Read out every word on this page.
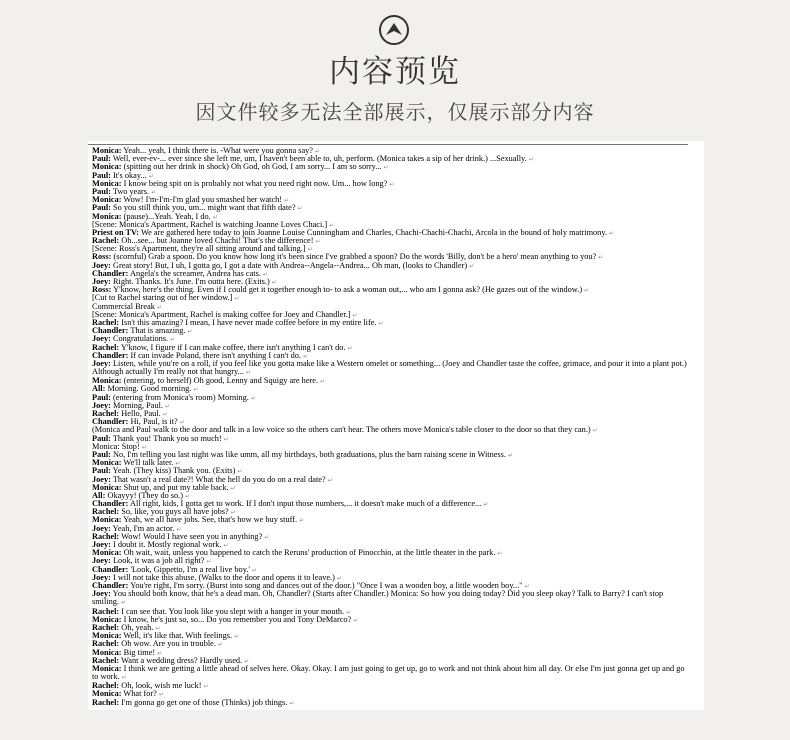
内容预览
因文件较多无法全部展示，仅展示部分内容
Monica: Yeah... yeah, I think there is. -What were you gonna say? ↵
Paul: Well, ever-ev-... ever since she left me, um, I haven't been able to, uh, perform. (Monica takes a sip of her drink.) ...Sexually. ↵
Monica: (spitting out her drink in shock) Oh God, oh God, I am sorry... I am so sorry... ↵
Paul: It's okay... ↵
Monica: I know being spit on is probably not what you need right now. Um... how long? ↵
Paul: Two years. ↵
Monica: Wow! I'm-I'm-I'm glad you smashed her watch! ↵
Paul: So you still think you, um... might want that fifth date? ↵
Monica: (pause)...Yeah. Yeah, I do. ↵
[Scene: Monica's Apartment, Rachel is watching Joanne Loves Chaci.] ↵
Priest on TV: We are gathered here today to join Joanne Louise Cunningham and Charles, Chachi-Chachi-Chachi, Arcola in the bound of holy matrimony. ↵
Rachel: Oh...see... but Joanne loved Chachi! That's the difference! ↵
[Scene: Ross's Apartment, they're all sitting around and talking.] ↵
Ross: (scornful) Grab a spoon. Do you know how long it's been since I've grabbed a spoon? Do the words 'Billy, don't be a hero' mean anything to you? ↵
Joey: Great story! But, I uh, I gotta go, I got a date with Andrea--Angela--Andrea... Oh man, (looks to Chandler) ↵
Chandler: Angela's the screamer, Andrea has cats. ↵
Joey: Right. Thanks. It's June. I'm outta here. (Exits.) ↵
Ross: Y'know, here's the thing. Even if I could get it together enough to- to ask a woman out,... who am I gonna ask? (He gazes out of the window.) ↵
[Cut to Rachel staring out of her window.] ↵
Commercial Break ↵
[Scene: Monica's Apartment, Rachel is making coffee for Joey and Chandler.] ↵
Rachel: Isn't this amazing? I mean, I have never made coffee before in my entire life. ↵
Chandler: That is amazing. ↵
Joey: Congratulations. ↵
Rachel: Y'know, I figure if I can make coffee, there isn't anything I can't do. ↵
Chandler: If can invade Poland, there isn't anything I can't do. ↵
Joey: Listen, while you're on a roll, if you feel like you gotta make like a Western omelet or something... (Joey and Chandler taste the coffee, grimace, and pour it into a plant pot.) Although actually I'm really not that hungry... ↵
Monica: (entering, to herself) Oh good, Lenny and Squigy are here. ↵
All: Morning. Good morning. ↵
Paul: (entering from Monica's room) Morning. ↵
Joey: Morning, Paul. ↵
Rachel: Hello, Paul. ↵
Chandler: Hi, Paul, is it? ↵
(Monica and Paul walk to the door and talk in a low voice so the others can't hear. The others move Monica's table closer to the door so that they can.) ↵
Paul: Thank you! Thank you so much! ↵
Monica: Stop! ↵
Paul: No, I'm telling you last night was like umm, all my birthdays, both graduations, plus the barn raising scene in Witness. ↵
Monica: We'll talk later. ↵
Paul: Yeah. (They kiss) Thank you. (Exits) ↵
Joey: That wasn't a real date?! What the hell do you do on a real date? ↵
Monica: Shut up, and put my table back. ↵
All: Okayyy! (They do so.) ↵
Chandler: All right, kids, I gotta get to work. If I don't input those numbers,... it doesn't make much of a difference... ↵
Rachel: So, like, you guys all have jobs? ↵
Monica: Yeah, we all have jobs. See, that's how we buy stuff. ↵
Joey: Yeah, I'm an actor. ↵
Rachel: Wow! Would I have seen you in anything? ↵
Joey: I doubt it. Mostly regional work. ↵
Monica: Oh wait, wait, unless you happened to catch the Reruns' production of Pinocchio, at the little theater in the park. ↵
Joey: Look, it was a job all right? ↵
Chandler: 'Look, Gippetto, I'm a real live boy.' ↵
Joey: I will not take this abuse. (Walks to the door and opens it to leave.) ↵
Chandler: You're right, I'm sorry. (Burst into song and dances out of the door.) "Once I was a wooden boy, a little wooden boy..." ↵
Joey: You should both know, that he's a dead man. Oh, Chandler? (Starts after Chandler.) Monica: So how you doing today? Did you sleep okay? Talk to Barry? I can't stop smiling. ↵
Rachel: I can see that. You look like you slept with a hanger in your mouth. ↵
Monica: I know, he's just so, so... Do you remember you and Tony DeMarco? ↵
Rachel: Oh, yeah. ↵
Monica: Well, it's like that. With feelings. ↵
Rachel: Oh wow. Are you in trouble. ↵
Monica: Big time! ↵
Rachel: Want a wedding dress? Hardly used. ↵
Monica: I think we are getting a little ahead of selves here. Okay. Okay. I am just going to get up, go to work and not think about him all day. Or else I'm just gonna get up and go to work. ↵
Rachel: Oh, look, wish me luck! ↵
Monica: What for? ↵
Rachel: I'm gonna go get one of those (Thinks) job things. ↵
